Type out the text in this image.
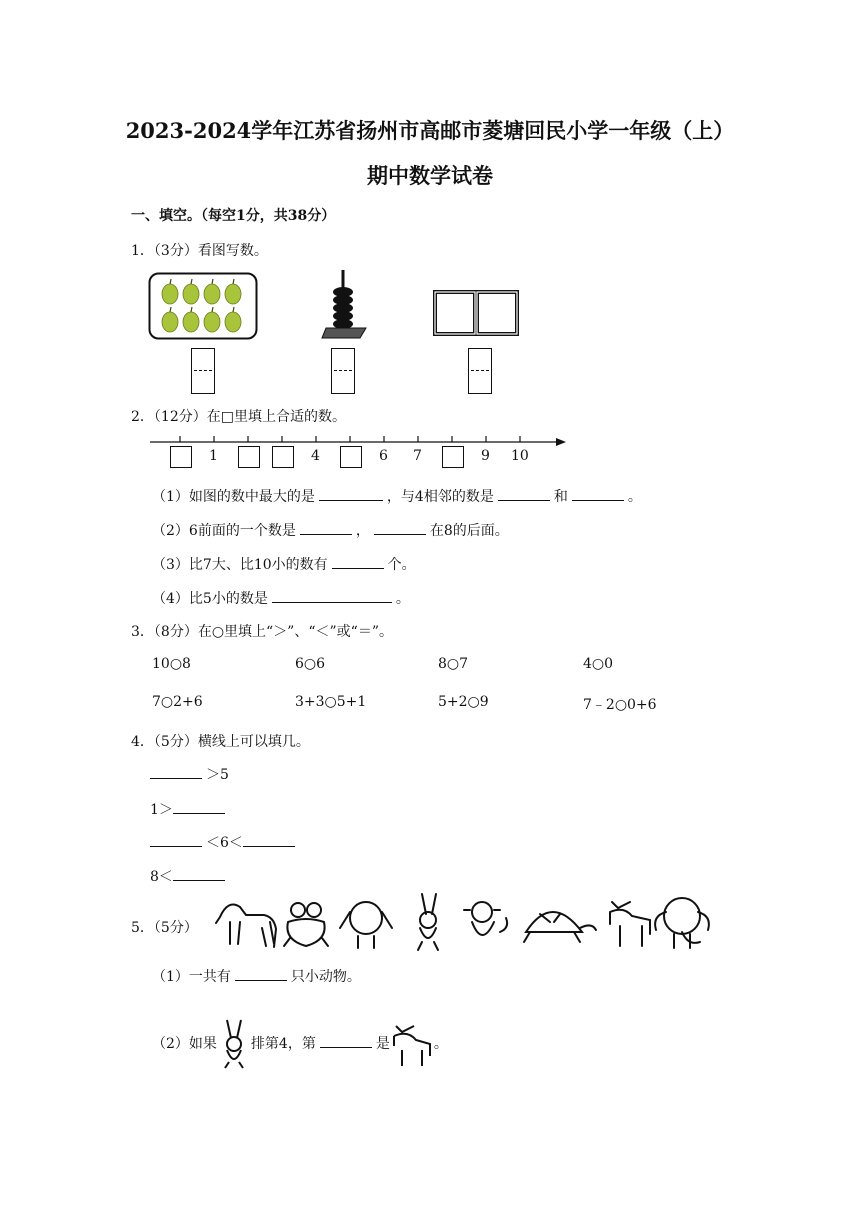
2023-2024学年江苏省扬州市高邮市菱塘回民小学一年级（上）
期中数学试卷
一、填空。（每空1分，共38分）
1．（3分）看图写数。
2．（12分）在□里填上合适的数。
1	4	6 7	9 10
（1）如图的数中最大的是	，与4相邻的数是	和	。
（2）6前面的一个数是	，	在8的后面。
（3）比7大、比10小的数有	个。
（4）比5小的数是	。
3．（8分）在○里填上“＞”、“＜”或“＝”。
10○8	6○6	8○7	4○0
7○2+6	3+3○5+1	5+2○9	7﹣2○0+6
4．（5分）横线上可以填几。
＞5
1＞
＜6＜
8＜
5．（5分）
（1）一共有	只小动物。
（2）如果 排第4，第	是	。
